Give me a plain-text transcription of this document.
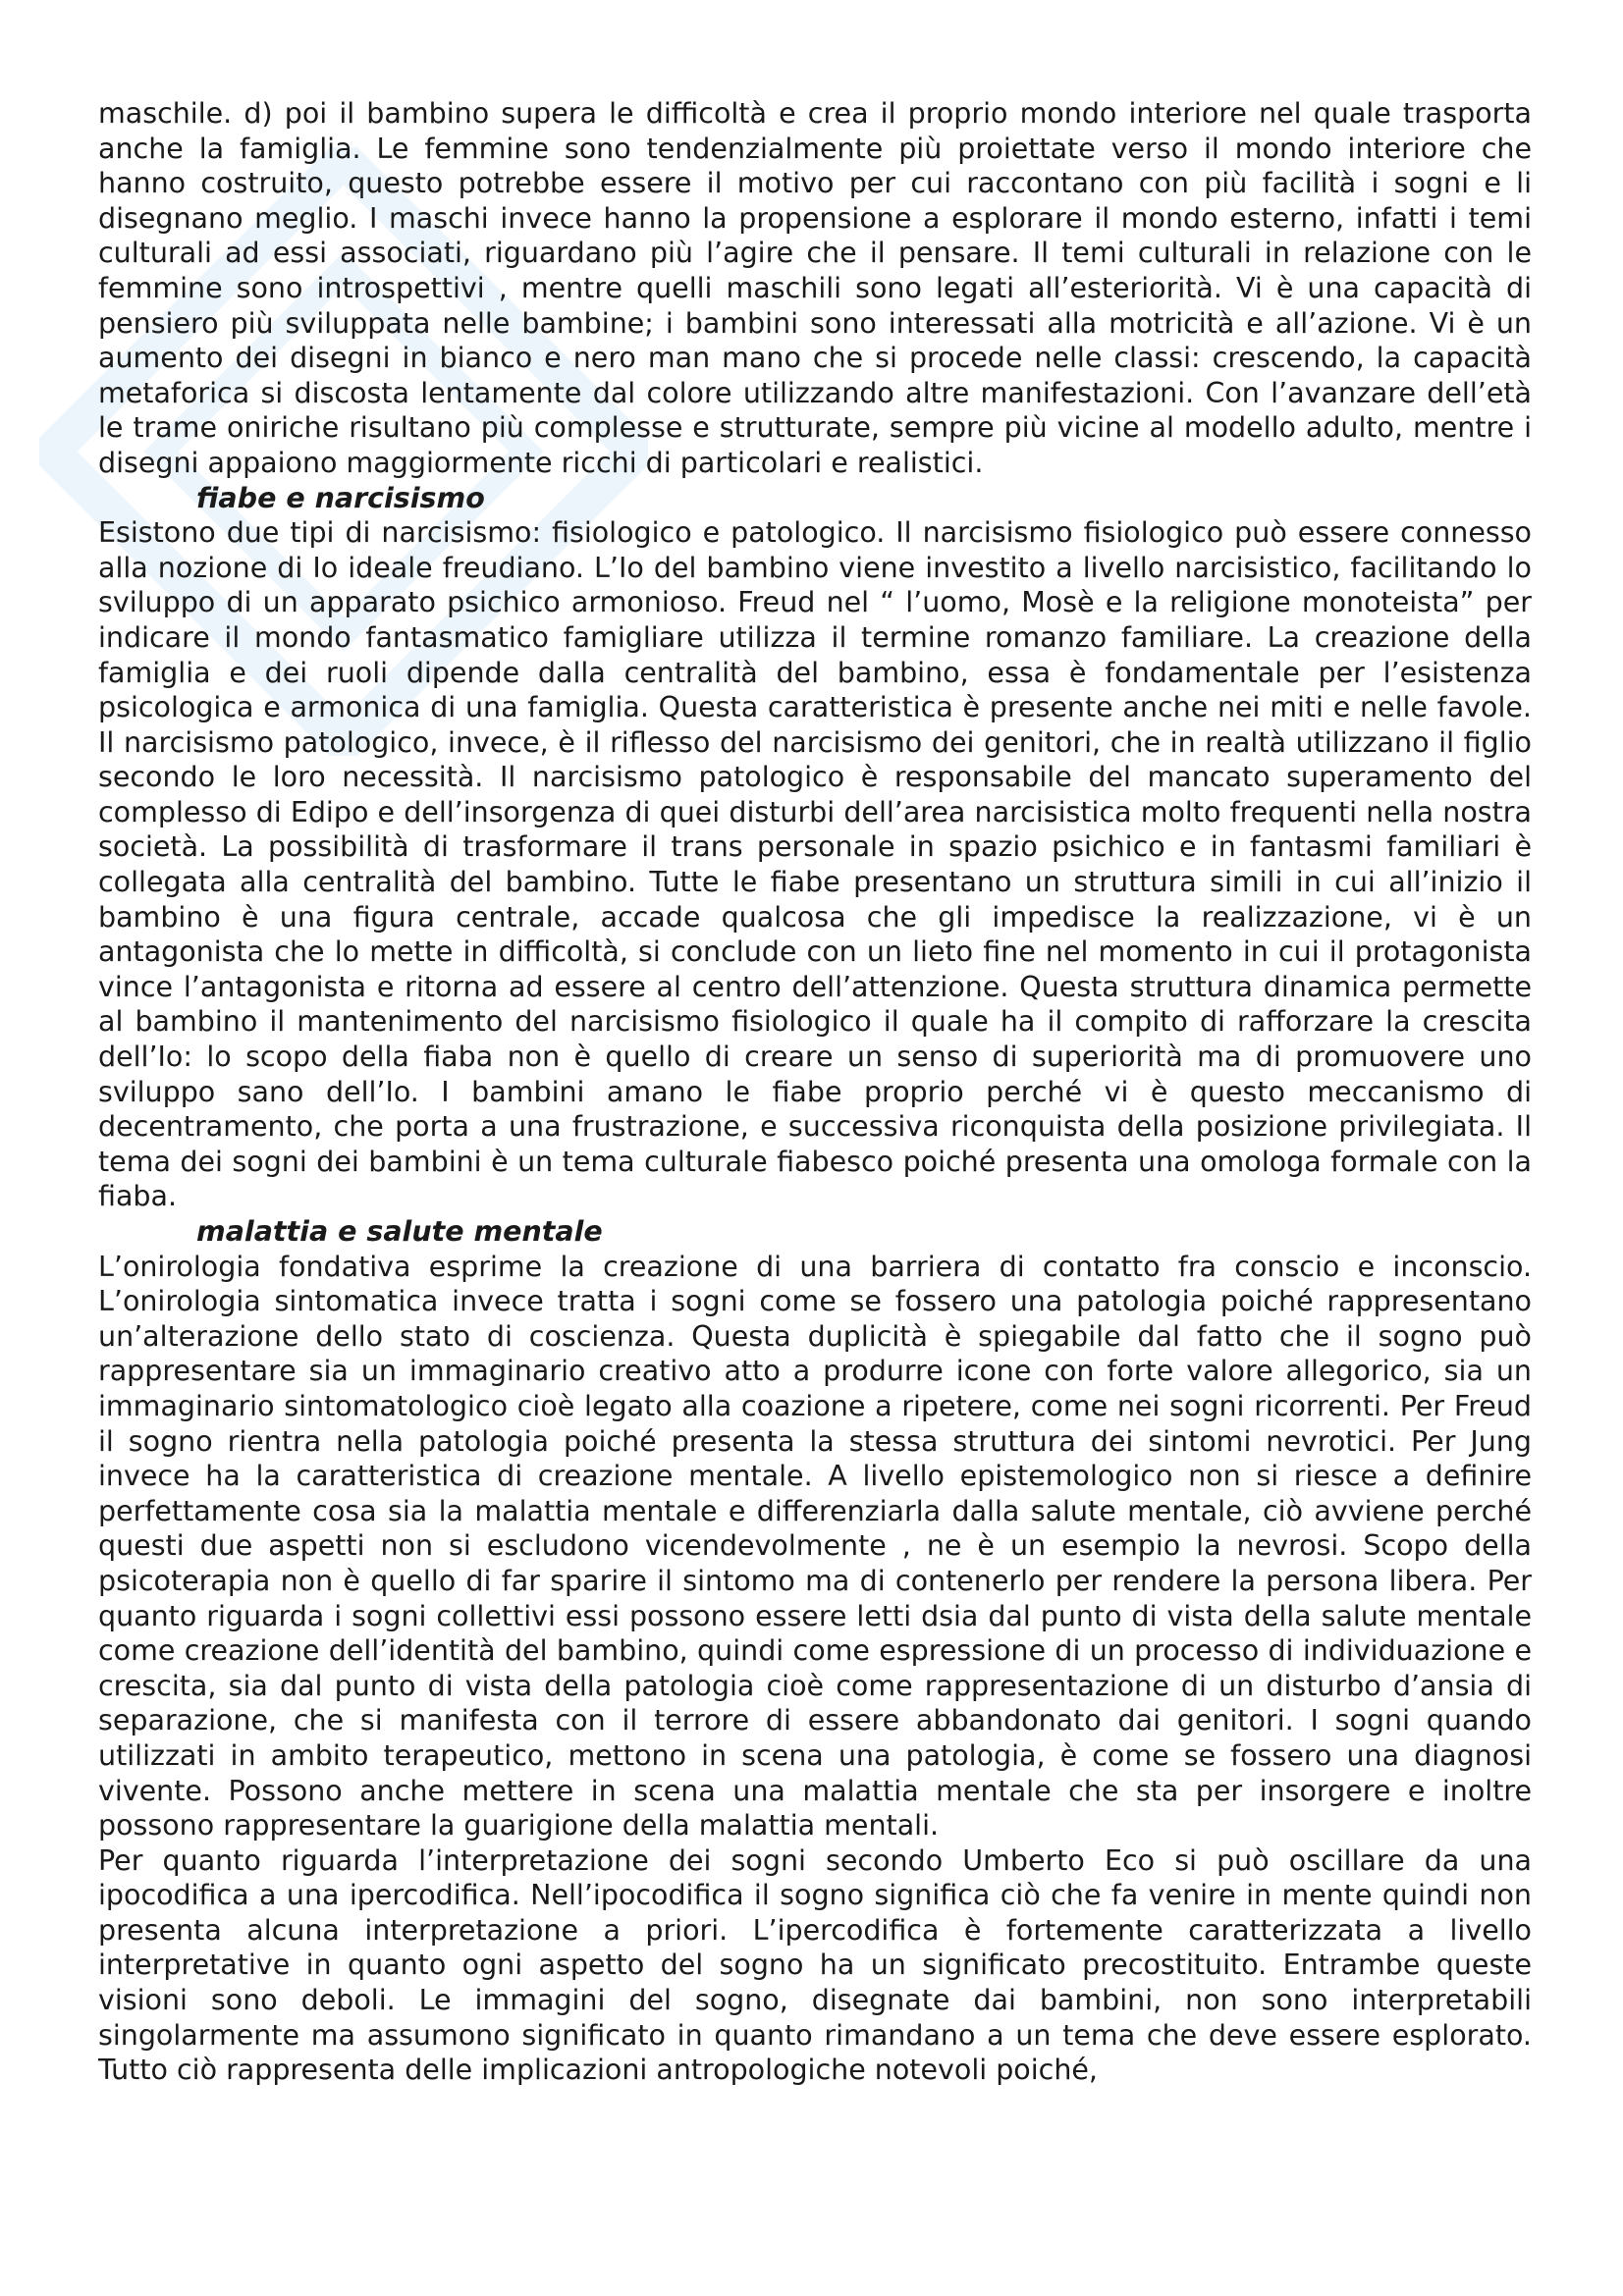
maschile. d) poi il bambino supera le difficoltà e crea il proprio mondo interiore nel quale trasporta anche la famiglia. Le femmine sono tendenzialmente più proiettate verso il mondo interiore che hanno costruito, questo potrebbe essere il motivo per cui raccontano con più facilità i sogni e li disegnano meglio. I maschi invece hanno la propensione a esplorare il mondo esterno, infatti i temi culturali ad essi associati, riguardano più l’agire che il pensare. Il temi culturali in relazione con le femmine sono introspettivi , mentre quelli maschili sono legati all’esteriorità. Vi è una capacità di pensiero più sviluppata nelle bambine; i bambini sono interessati alla motricità e all’azione. Vi è un aumento dei disegni in bianco e nero man mano che si procede nelle classi: crescendo, la capacità metaforica si discosta lentamente dal colore utilizzando altre manifestazioni. Con l’avanzare dell’età le trame oniriche risultano più complesse e strutturate, sempre più vicine al modello adulto, mentre i disegni appaiono maggiormente ricchi di particolari e realistici.

fiabe e narcisismo

Esistono due tipi di narcisismo: fisiologico e patologico. Il narcisismo fisiologico può essere connesso alla nozione di Io ideale freudiano. L’Io del bambino viene investito a livello narcisistico, facilitando lo sviluppo di un apparato psichico armonioso. Freud nel “ l’uomo, Mosè e la religione monoteista” per indicare il mondo fantasmatico famigliare utilizza il termine romanzo familiare. La creazione della famiglia e dei ruoli dipende dalla centralità del bambino, essa è fondamentale per l’esistenza psicologica e armonica di una famiglia. Questa caratteristica è presente anche nei miti e nelle favole. Il narcisismo patologico, invece, è il riflesso del narcisismo dei genitori, che in realtà utilizzano il figlio secondo le loro necessità. Il narcisismo patologico è responsabile del mancato superamento del complesso di Edipo e dell’insorgenza di quei disturbi dell’area narcisistica molto frequenti nella nostra società. La possibilità di trasformare il trans personale in spazio psichico e in fantasmi familiari è collegata alla centralità del bambino. Tutte le fiabe presentano un struttura simili in cui all’inizio il bambino è una figura centrale, accade qualcosa che gli impedisce la realizzazione, vi è un antagonista che lo mette in difficoltà, si conclude con un lieto fine nel momento in cui il protagonista vince l’antagonista e ritorna ad essere al centro dell’attenzione. Questa struttura dinamica permette al bambino il mantenimento del narcisismo fisiologico il quale ha il compito di rafforzare la crescita dell’Io: lo scopo della fiaba non è quello di creare un senso di superiorità ma di promuovere uno sviluppo sano dell’Io. I bambini amano le fiabe proprio perché vi è questo meccanismo di decentramento, che porta a una frustrazione, e successiva riconquista della posizione privilegiata. Il tema dei sogni dei bambini è un tema culturale fiabesco poiché presenta una omologa formale con la fiaba.

malattia e salute mentale

L’onirologia fondativa esprime la creazione di una barriera di contatto fra conscio e inconscio. L’onirologia sintomatica invece tratta i sogni come se fossero una patologia poiché rappresentano un’alterazione dello stato di coscienza. Questa duplicità è spiegabile dal fatto che il sogno può rappresentare sia un immaginario creativo atto a produrre icone con forte valore allegorico, sia un immaginario sintomatologico cioè legato alla coazione a ripetere, come nei sogni ricorrenti. Per Freud il sogno rientra nella patologia poiché presenta la stessa struttura dei sintomi nevrotici. Per Jung invece ha la caratteristica di creazione mentale. A livello epistemologico non si riesce a definire perfettamente cosa sia la malattia mentale e differenziarla dalla salute mentale, ciò avviene perché questi due aspetti non si escludono vicendevolmente , ne è un esempio la nevrosi. Scopo della psicoterapia non è quello di far sparire il sintomo ma di contenerlo per rendere la persona libera. Per quanto riguarda i sogni collettivi essi possono essere letti dsia dal punto di vista della salute mentale come creazione dell’identità del bambino, quindi come espressione di un processo di individuazione e crescita, sia dal punto di vista della patologia cioè come rappresentazione di un disturbo d’ansia di separazione, che si manifesta con il terrore di essere abbandonato dai genitori. I sogni quando utilizzati in ambito terapeutico, mettono in scena una patologia, è come se fossero una diagnosi vivente. Possono anche mettere in scena una malattia mentale che sta per insorgere e inoltre possono rappresentare la guarigione della malattia mentali.

Per quanto riguarda l’interpretazione dei sogni secondo Umberto Eco si può oscillare da una ipocodifica a una ipercodifica. Nell’ipocodifica il sogno significa ciò che fa venire in mente quindi non presenta alcuna interpretazione a priori. L’ipercodifica è fortemente caratterizzata a livello interpretative in quanto ogni aspetto del sogno ha un significato precostituito. Entrambe queste visioni sono deboli. Le immagini del sogno, disegnate dai bambini, non sono interpretabili singolarmente ma assumono significato in quanto rimandano a un tema che deve essere esplorato. Tutto ciò rappresenta delle implicazioni antropologiche notevoli poiché,
